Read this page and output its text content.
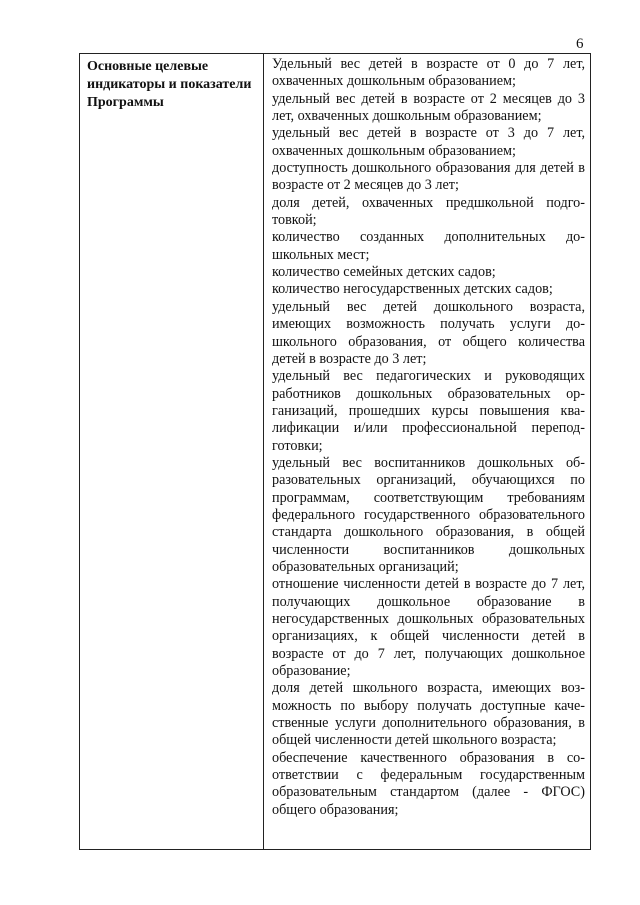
6
Основные целевые индикаторы и показатели Программы

Удельный вес детей в возрасте от 0 до 7 лет, охваченных дошкольным образованием;

удельный вес детей в возрасте от 2 месяцев до 3 лет, охваченных дошкольным образованием;

удельный вес детей в возрасте от 3 до 7 лет, охваченных дошкольным образованием;

доступность дошкольного образования для детей в возрасте от 2 месяцев до 3 лет;

доля детей, охваченных предшкольной подготовкой;

количество созданных дополнительных дошкольных мест;

количество семейных детских садов;

количество негосударственных детских садов;

удельный вес детей дошкольного возраста, имеющих возможность получать услуги дошкольного образования, от общего количества детей в возрасте до 3 лет;

удельный вес педагогических и руководящих работников дошкольных образовательных организаций, прошедших курсы повышения квалификации и/или профессиональной переподготовки;

удельный вес воспитанников дошкольных образовательных организаций, обучающихся по программам, соответствующим требованиям федерального государственного образовательного стандарта дошкольного образования, в общей численности воспитанников дошкольных образовательных организаций;

отношение численности детей в возрасте до 7 лет, получающих дошкольное образование в негосударственных дошкольных образовательных организациях, к общей численности детей в возрасте от до 7 лет, получающих дошкольное образование;

доля детей школьного возраста, имеющих возможность по выбору получать доступные качественные услуги дополнительного образования, в общей численности детей школьного возраста;

обеспечение качественного образования в соответствии с федеральным государственным образовательным стандартом (далее - ФГОС) общего образования;
